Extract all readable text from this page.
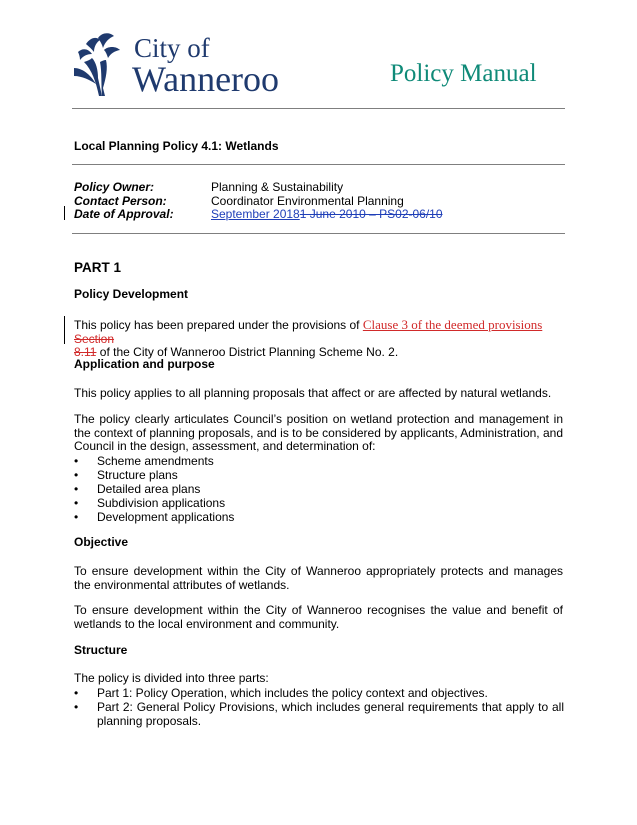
City of
Wanneroo	Policy Manual
Local Planning Policy 4.1: Wetlands
Policy Owner:	Planning & Sustainability
Contact Person:	Coordinator Environmental Planning
Date of Approval:	September 20181 June 2010 – PS02-06/10
PART 1
Policy Development
This policy has been prepared under the provisions of Clause 3 of the deemed provisions Section
8.11 of the City of Wanneroo District Planning Scheme No. 2.
Application and purpose
This policy applies to all planning proposals that affect or are affected by natural wetlands.
The policy clearly articulates Council’s position on wetland protection and management in the context of planning proposals, and is to be considered by applicants, Administration, and Council in the design, assessment, and determination of:
• Scheme amendments
• Structure plans
• Detailed area plans
• Subdivision applications
• Development applications
Objective
To ensure development within the City of Wanneroo appropriately protects and manages the environmental attributes of wetlands.
To ensure development within the City of Wanneroo recognises the value and benefit of wetlands to the local environment and community.
Structure
The policy is divided into three parts:
• Part 1: Policy Operation, which includes the policy context and objectives.
• Part 2: General Policy Provisions, which includes general requirements that apply to all planning proposals.
